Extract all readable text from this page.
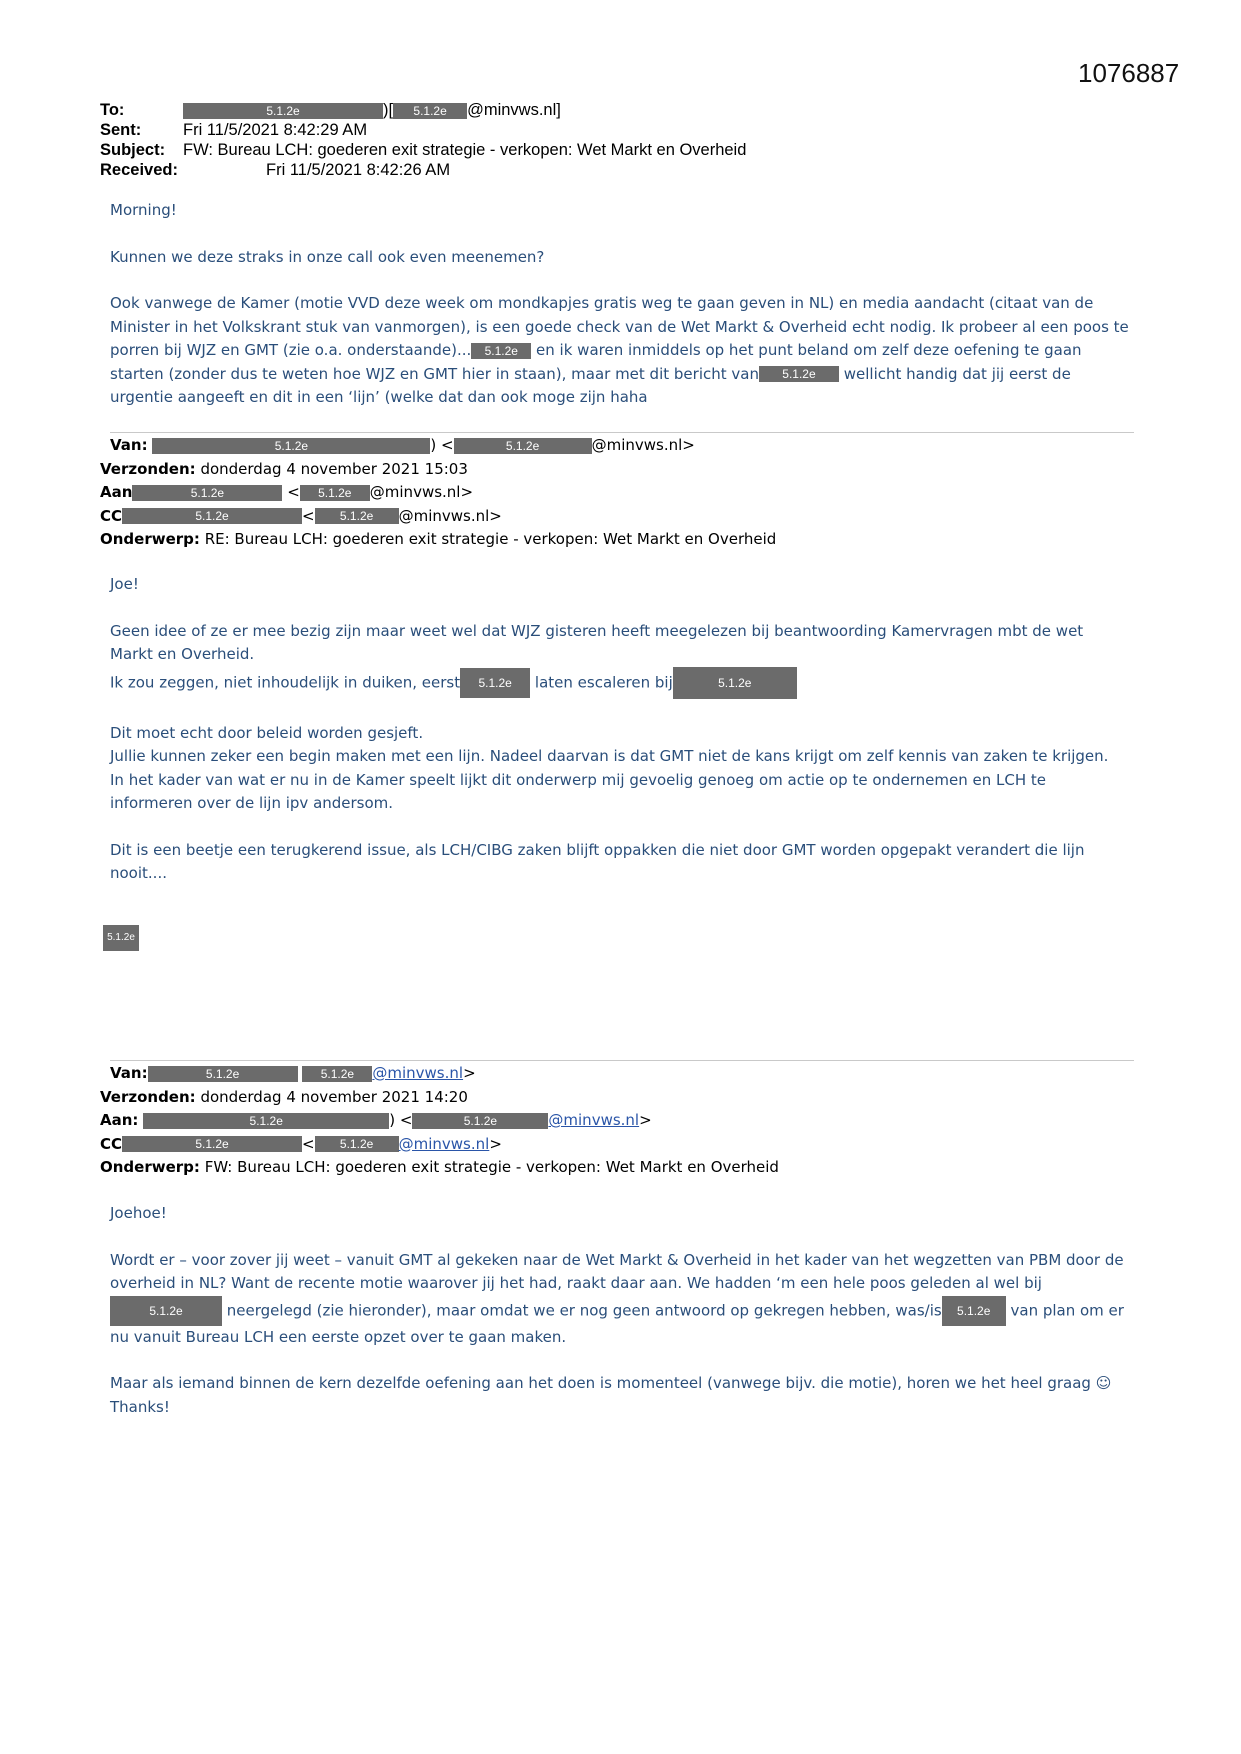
1076887
To:	5.1.2e	)[ 5.1.2e @minvws.nl]
Sent:	Fri 11/5/2021 8:42:29 AM
Subject: FW: Bureau LCH: goederen exit strategie - verkopen: Wet Markt en Overheid
Received:	Fri 11/5/2021 8:42:26 AM

Morning!

Kunnen we deze straks in onze call ook even meenemen?

Ook vanwege de Kamer (motie VVD deze week om mondkapjes gratis weg te gaan geven in NL) en media aandacht (citaat van de Minister in het Volkskrant stuk van vanmorgen), is een goede check van de Wet Markt & Overheid echt nodig. Ik probeer al een poos te porren bij WJZ en GMT (zie o.a. onderstaande)... 5.1.2e en ik waren inmiddels op het punt beland om zelf deze oefening te gaan starten (zonder dus te weten hoe WJZ en GMT hier in staan), maar met dit bericht van 5.1.2e wellicht handig dat jij eerst de urgentie aangeeft en dit in een ‘lijn’ (welke dat dan ook moge zijn haha

Van:	5.1.2e	) <	5.1.2e	@minvws.nl>
Verzonden: donderdag 4 november 2021 15:03
Aan	5.1.2e	< 5.1.2e @minvws.nl>
CC	5.1.2e	< 5.1.2e @minvws.nl>
Onderwerp: RE: Bureau LCH: goederen exit strategie - verkopen: Wet Markt en Overheid

Joe!

Geen idee of ze er mee bezig zijn maar weet wel dat WJZ gisteren heeft meegelezen bij beantwoording Kamervragen mbt de wet Markt en Overheid.

Ik zou zeggen, niet inhoudelijk in duiken, eerst 5.1.2e laten escaleren bij	5.1.2e

Dit moet echt door beleid worden gesjeft.

Jullie kunnen zeker een begin maken met een lijn. Nadeel daarvan is dat GMT niet de kans krijgt om zelf kennis van zaken te krijgen.

In het kader van wat er nu in de Kamer speelt lijkt dit onderwerp mij gevoelig genoeg om actie op te ondernemen en LCH te informeren over de lijn ipv andersom.

Dit is een beetje een terugkerend issue, als LCH/CIBG zaken blijft oppakken die niet door GMT worden opgepakt verandert die lijn nooit....

5.1.2e
Van:	5.1.2e	5.1.2e @minvws.nl>
Verzonden: donderdag 4 november 2021 14:20
Aan:	5.1.2e	) <	5.1.2e	@minvws.nl>
CC	5.1.2e	< 5.1.2e @minvws.nl>
Onderwerp: FW: Bureau LCH: goederen exit strategie - verkopen: Wet Markt en Overheid

Joehoe!

Wordt er – voor zover jij weet – vanuit GMT al gekeken naar de Wet Markt & Overheid in het kader van het wegzetten van PBM door de overheid in NL? Want de recente motie waarover jij het had, raakt daar aan. We hadden ‘m een hele poos geleden al wel bij5.1.2e	neergelegd (zie hieronder), maar omdat we er nog geen antwoord op gekregen hebben, was/is 5.1.2e van plan om er nu vanuit Bureau LCH een eerste opzet over te gaan maken.

Maar als iemand binnen de kern dezelfde oefening aan het doen is momenteel (vanwege bijv. die motie), horen we het heel graag ☺ Thanks!
